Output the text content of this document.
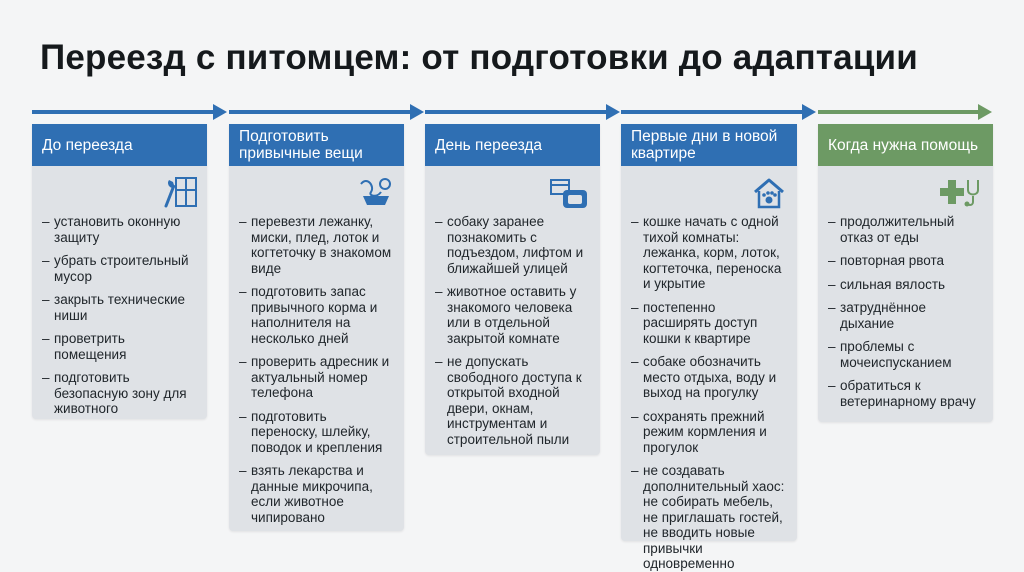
Переезд с питомцем: от подготовки до адаптации
До переезда
– установить оконную защиту
– убрать строительный мусор
– закрыть технические ниши
– проветрить помещения
– подготовить безопасную зону для животного
Подготовить привычные вещи
– перевезти лежанку, миски, плед, лоток и когтеточку в знакомом виде
– подготовить запас привычного корма и наполнителя на несколько дней
– проверить адресник и актуальный номер телефона
– подготовить переноску, шлейку, поводок и крепления
– взять лекарства и данные микрочипа, если животное чипировано
День переезда
– собаку заранее познакомить с подъездом, лифтом и ближайшей улицей
– животное оставить у знакомого человека или в отдельной закрытой комнате
– не допускать свободного доступа к открытой входной двери, окнам, инструментам и строительной пыли
Первые дни в новой квартире
– кошке начать с одной тихой комнаты: лежанка, корм, лоток, когтеточка, переноска и укрытие
– постепенно расширять доступ кошки к квартире
– собаке обозначить место отдыха, воду и выход на прогулку
– сохранять прежний режим кормления и прогулок
– не создавать дополнительный хаос: не собирать мебель, не приглашать гостей, не вводить новые привычки одновременно
Когда нужна помощь
– продолжительный отказ от еды
– повторная рвота
– сильная вялость
– затруднённое дыхание
– проблемы с мочеиспусканием
– обратиться к ветеринарному врачу
